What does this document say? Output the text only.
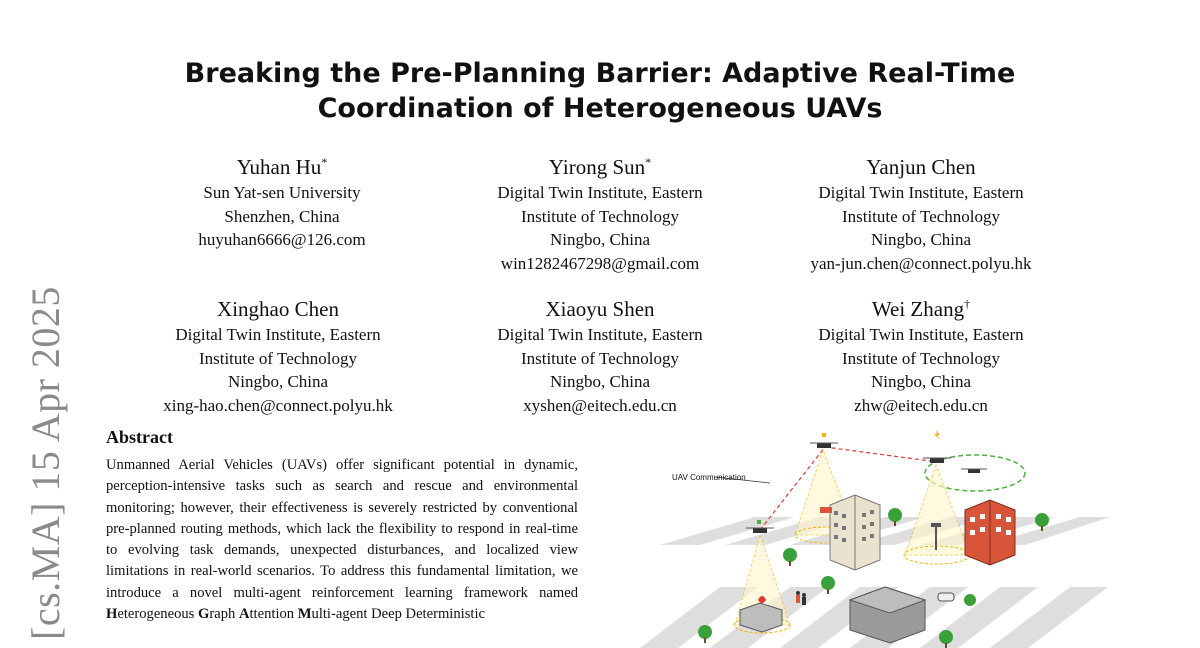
Breaking the Pre-Planning Barrier: Adaptive Real-Time
Coordination of Heterogeneous UAVs
Yuhan Hu*
Sun Yat-sen University
Shenzhen, China
huyuhan6666@126.com
Yirong Sun*
Digital Twin Institute, Eastern
Institute of Technology
Ningbo, China
win1282467298@gmail.com
Yanjun Chen
Digital Twin Institute, Eastern
Institute of Technology
Ningbo, China
yan-jun.chen@connect.polyu.hk
Xinghao Chen
Digital Twin Institute, Eastern
Institute of Technology
Ningbo, China
xing-hao.chen@connect.polyu.hk
Xiaoyu Shen
Digital Twin Institute, Eastern
Institute of Technology
Ningbo, China
xyshen@eitech.edu.cn
Wei Zhang†
Digital Twin Institute, Eastern
Institute of Technology
Ningbo, China
zhw@eitech.edu.cn
[cs.MA] 15 Apr 2025 Abstract

Unmanned Aerial Vehicles (UAVs) offer significant potential in dynamic, perception-intensive tasks such as search and rescue and environmental monitoring; however, their effectiveness is severely restricted by conventional pre-planned routing methods, which lack the flexibility to respond in real-time to evolving task demands, unexpected disturbances, and localized view limitations in real-world scenarios. To address this fundamental limitation, we introduce a novel multi-agent reinforcement learning framework named Heterogeneous Graph Attention Multi-agent Deep Deterministic

UAV Communication
